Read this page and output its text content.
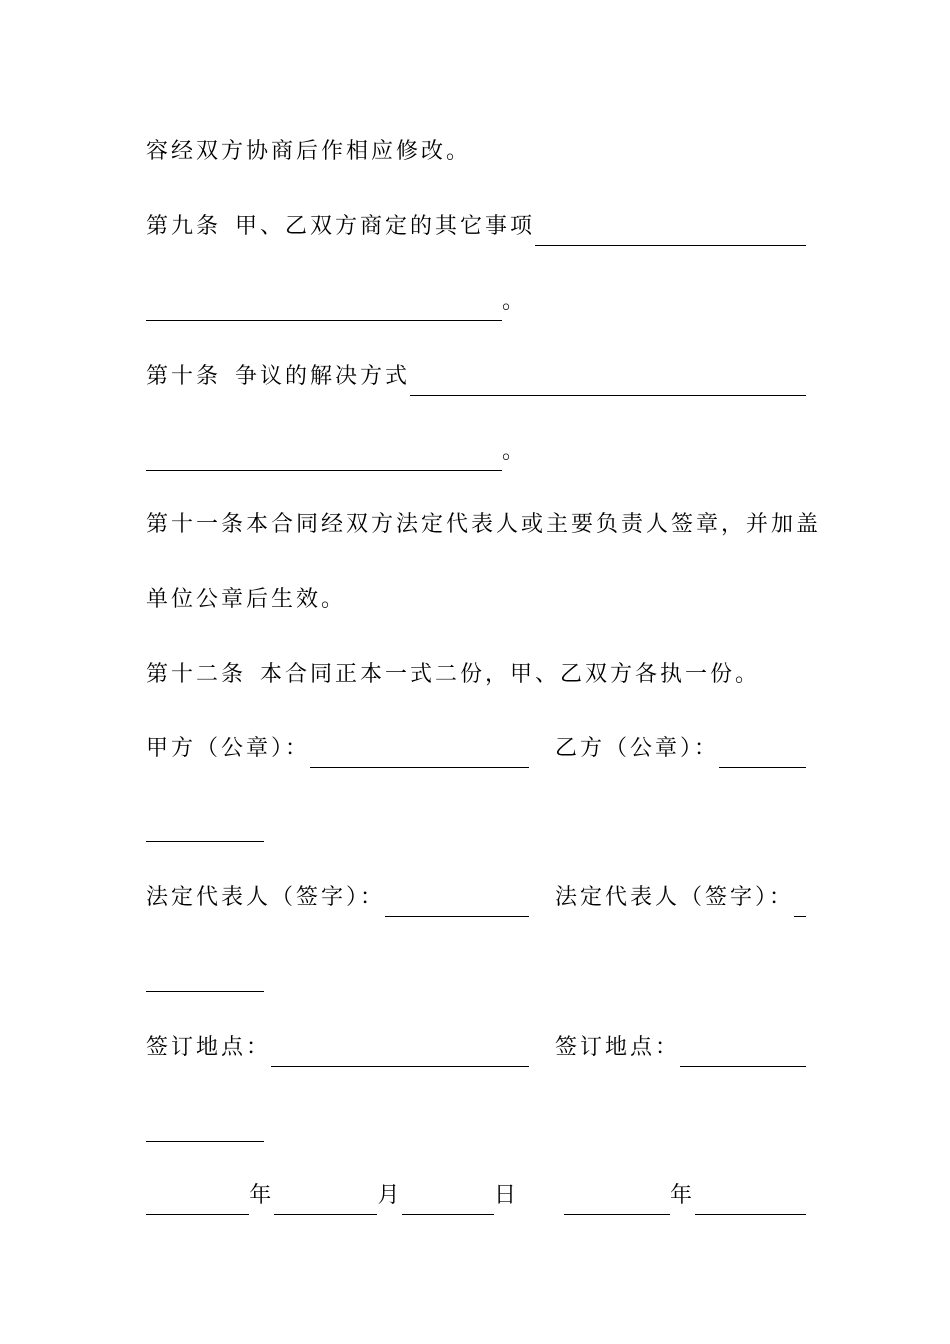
容经双方协商后作相应修改。
第九条 甲、乙双方商定的其它事项
。
第十条 争议的解决方式
。
第十一条 本合同经双方法定代表人或主要负责人签章，并加盖
单位公章后生效。
第十二条 本合同正本一式二份，甲、乙双方各执一份。
甲方（公章）：	乙方（公章）：
法定代表人（签字）：	法定代表人（签字）：
签订地点：	签订地点：
年	月	日	年
